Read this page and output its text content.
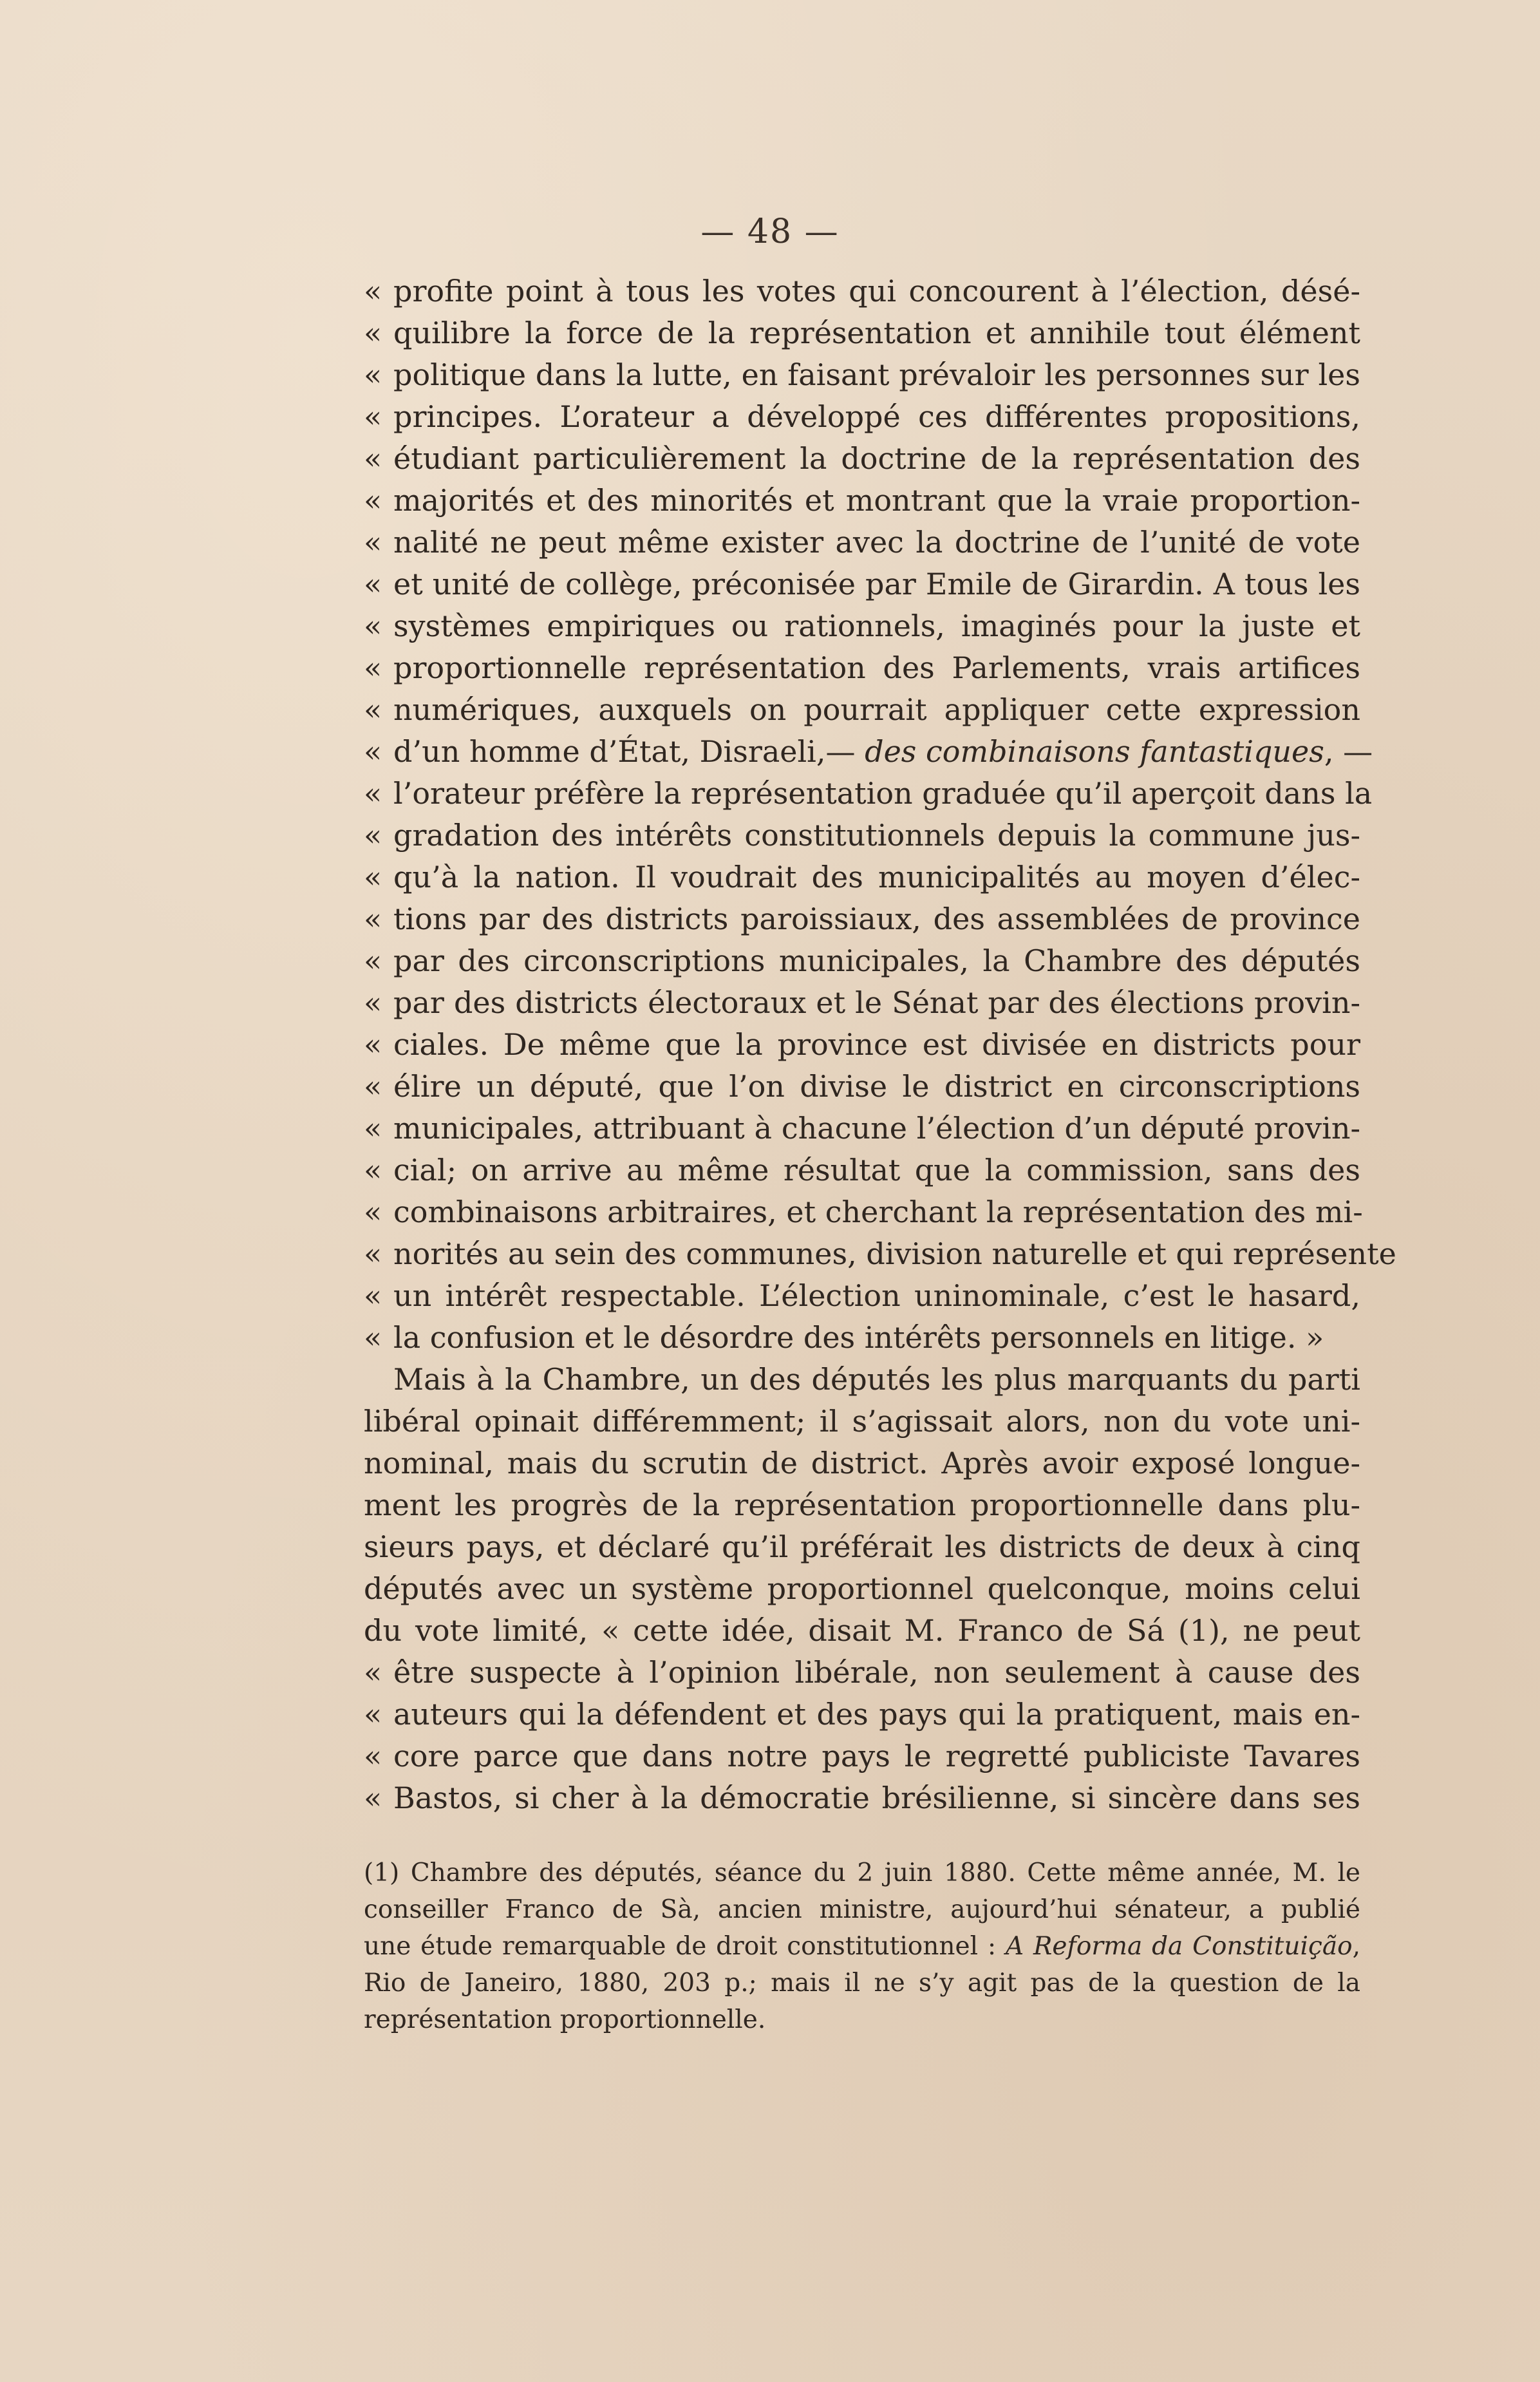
— 48 —
« profite point à tous les votes qui concourent à l’élection, désé-
« quilibre la force de la représentation et annihile tout élément
« politique dans la lutte, en faisant prévaloir les personnes sur les
« principes. L’orateur a développé ces différentes propositions,
« étudiant particulièrement la doctrine de la représentation des
« majorités et des minorités et montrant que la vraie proportion-
« nalité ne peut même exister avec la doctrine de l’unité de vote
« et unité de collège, préconisée par Emile de Girardin. A tous les
« systèmes empiriques ou rationnels, imaginés pour la juste et
« proportionnelle représentation des Parlements, vrais artifices
« numériques, auxquels on pourrait appliquer cette expression
« d’un homme d’État, Disraeli,— des combinaisons fantastiques, —
« l’orateur préfère la représentation graduée qu’il aperçoit dans la
« gradation des intérêts constitutionnels depuis la commune jus-
« qu’à la nation. Il voudrait des municipalités au moyen d’élec-
« tions par des districts paroissiaux, des assemblées de province
« par des circonscriptions municipales, la Chambre des députés
« par des districts électoraux et le Sénat par des élections provin-
« ciales. De même que la province est divisée en districts pour
« élire un député, que l’on divise le district en circonscriptions
« municipales, attribuant à chacune l’élection d’un député provin-
« cial; on arrive au même résultat que la commission, sans des
« combinaisons arbitraires, et cherchant la représentation des mi-
« norités au sein des communes, division naturelle et qui représente
« un intérêt respectable. L’élection uninominale, c’est le hasard,
« la confusion et le désordre des intérêts personnels en litige. »
Mais à la Chambre, un des députés les plus marquants du parti
libéral opinait différemment; il s’agissait alors, non du vote uni-
nominal, mais du scrutin de district. Après avoir exposé longue-
ment les progrès de la représentation proportionnelle dans plu-
sieurs pays, et déclaré qu’il préférait les districts de deux à cinq
députés avec un système proportionnel quelconque, moins celui
du vote limité, « cette idée, disait M. Franco de Sá (1), ne peut
« être suspecte à l’opinion libérale, non seulement à cause des
« auteurs qui la défendent et des pays qui la pratiquent, mais en-
« core parce que dans notre pays le regretté publiciste Tavares
« Bastos, si cher à la démocratie brésilienne, si sincère dans ses
(1) Chambre des députés, séance du 2 juin 1880. Cette même année, M. le
conseiller Franco de Sà, ancien ministre, aujourd’hui sénateur, a publié
une étude remarquable de droit constitutionnel : A Reforma da Constituição,
Rio de Janeiro, 1880, 203 p.; mais il ne s’y agit pas de la question de la
représentation proportionnelle.
